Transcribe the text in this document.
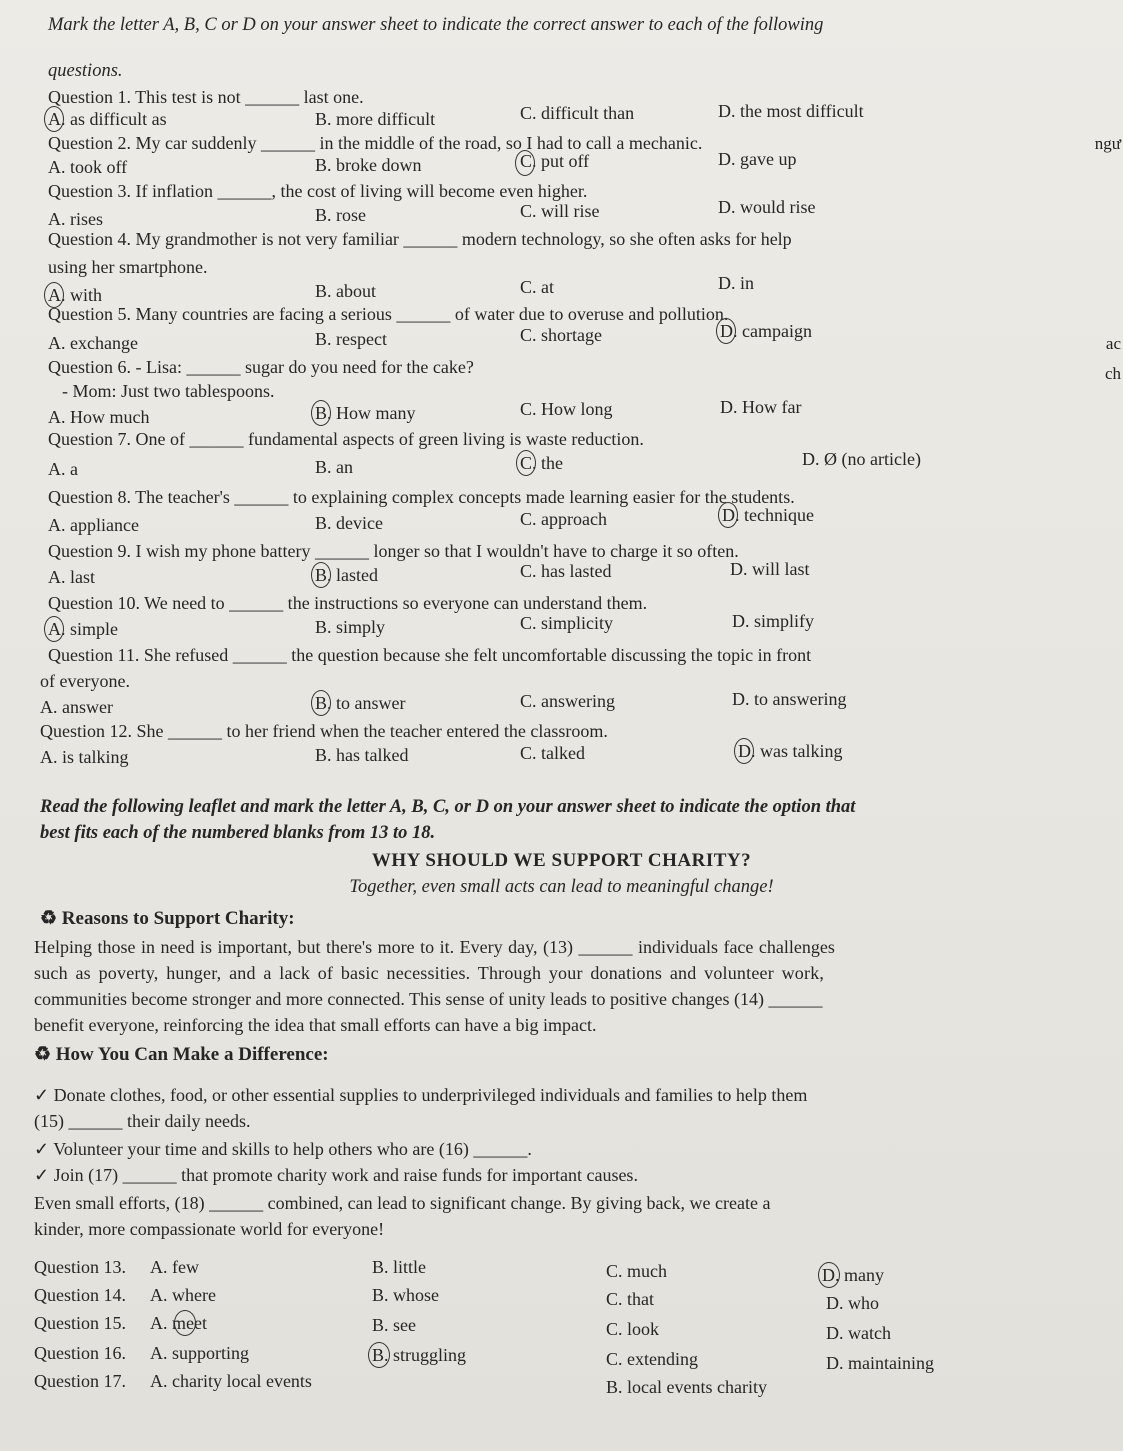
Mark the letter A, B, C or D on your answer sheet to indicate the correct answer to each of the following
questions.
Question 1. This test is not ______ last one.
A. as difficult as	B. more difficult	C. difficult than	D. the most difficult
Question 2. My car suddenly ______ in the middle of the road, so I had to call a mechanic.
A. took off	B. broke down	C. put off	D. gave up
Question 3. If inflation ______, the cost of living will become even higher.
A. rises	B. rose	C. will rise	D. would rise
Question 4. My grandmother is not very familiar ______ modern technology, so she often asks for help
using her smartphone.
A. with	B. about	C. at	D. in
Question 5. Many countries are facing a serious ______ of water due to overuse and pollution.
A. exchange	B. respect	C. shortage	D. campaign
Question 6. - Lisa: ______ sugar do you need for the cake?
- Mom: Just two tablespoons.
A. How much	B. How many	C. How long	D. How far
Question 7. One of ______ fundamental aspects of green living is waste reduction.
A. a	B. an	C. the	D. Ø (no article)
Question 8. The teacher's ______ to explaining complex concepts made learning easier for the students.
A. appliance	B. device	C. approach	D. technique
Question 9. I wish my phone battery ______ longer so that I wouldn't have to charge it so often.
A. last	B. lasted	C. has lasted	D. will last
Question 10. We need to ______ the instructions so everyone can understand them.
A. simple	B. simply	C. simplicity	D. simplify
Question 11. She refused ______ the question because she felt uncomfortable discussing the topic in front
of everyone.
A. answer	B. to answer	C. answering	D. to answering
Question 12. She ______ to her friend when the teacher entered the classroom.
A. is talking	B. has talked	C. talked	D. was talking
Read the following leaflet and mark the letter A, B, C, or D on your answer sheet to indicate the option that
best fits each of the numbered blanks from 13 to 18.
WHY SHOULD WE SUPPORT CHARITY?
Together, even small acts can lead to meaningful change!
♻ Reasons to Support Charity:
Helping those in need is important, but there's more to it. Every day, (13) ______ individuals face challenges
such as poverty, hunger, and a lack of basic necessities. Through your donations and volunteer work,
communities become stronger and more connected. This sense of unity leads to positive changes (14) ______
benefit everyone, reinforcing the idea that small efforts can have a big impact.
♻ How You Can Make a Difference:
✓ Donate clothes, food, or other essential supplies to underprivileged individuals and families to help them
(15) ______ their daily needs.
✓ Volunteer your time and skills to help others who are (16) ______.
✓ Join (17) ______ that promote charity work and raise funds for important causes.
Even small efforts, (18) ______ combined, can lead to significant change. By giving back, we create a
kinder, more compassionate world for everyone!
Question 13. A. few	B. little	C. much	D. many
Question 14. A. where	B. whose	C. that	D. who
Question 15. A. meet	B. see	C. look	D. watch
Question 16. A. supporting	B. struggling	C. extending	D. maintaining
Question 17. A. charity local events	B. local events charity
ngư
ac
ch
